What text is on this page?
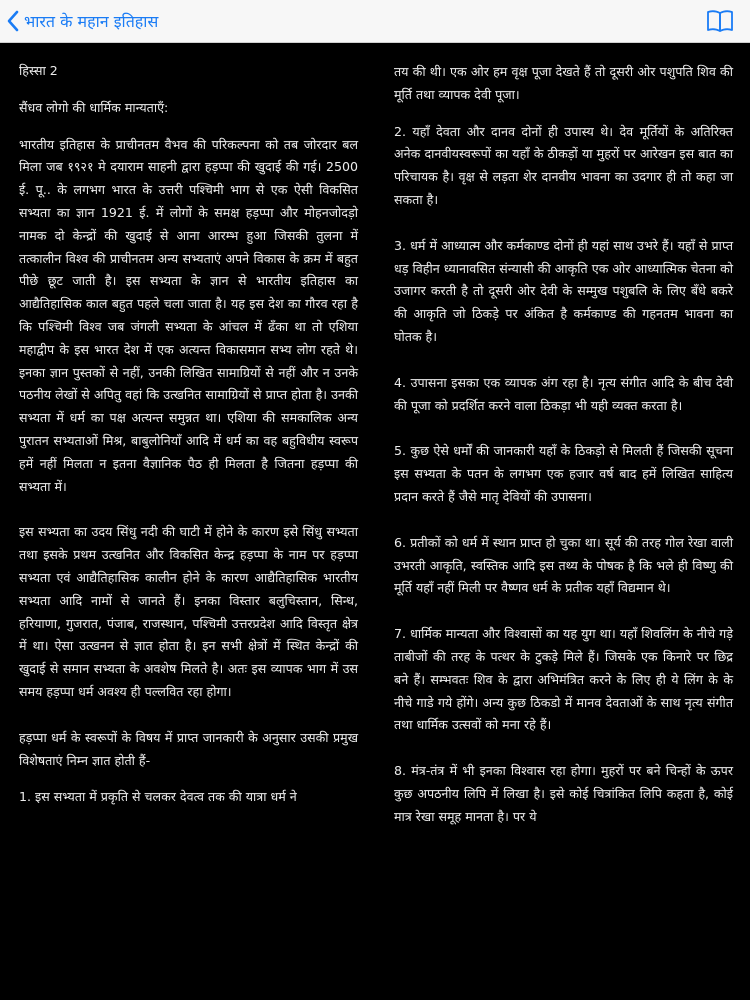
भारत के महान इतिहास

हिस्सा 2

सैंधव लोगो की धार्मिक मान्यताएँ:

भारतीय इतिहास के प्राचीनतम वैभव की परिकल्पना को तब जोरदार बल मिला जब १९२१ मे दयाराम साहनी द्वारा हड़प्पा की खुदाई की गई। 2500 ई. पू.. के लगभग भारत के उत्तरी पश्चिमी भाग से एक ऐसी विकसित सभ्यता का ज्ञान 1921 ई. में लोगों के समक्ष हड़प्पा और मोहनजोदड़ो नामक दो केन्द्रों की खुदाई से आना आरम्भ हुआ जिसकी तुलना में तत्कालीन विश्व की प्राचीनतम अन्य सभ्यताएं अपने विकास के क्रम में बहुत पीछे छूट जाती है। इस सभ्यता के ज्ञान से भारतीय इतिहास का आद्यैतिहासिक काल बहुत पहले चला जाता है। यह इस देश का गौरव रहा है कि पश्चिमी विश्व जब जंगली सभ्यता के आंचल में ढँका था तो एशिया महाद्वीप के इस भारत देश में एक अत्यन्त विकासमान सभ्य लोग रहते थे। इनका ज्ञान पुस्तकों से नहीं, उनकी लिखित सामाग्रियों से नहीं और न उनके पठनीय लेखों से अपितु वहां कि उत्खनित सामाग्रियों से प्राप्त होता है। उनकी सभ्यता में धर्म का पक्ष अत्यन्त समुन्नत था। एशिया की समकालिक अन्य पुरातन सभ्यताओं मिश्र, बाबुलोनियाँ आदि में धर्म का वह बहुविधीय स्वरूप हमें नहीं मिलता न इतना वैज्ञानिक पैठ ही मिलता है जितना हड़प्पा की सभ्यता में।

इस सभ्यता का उदय सिंधु नदी की घाटी में होने के कारण इसे सिंधु सभ्यता तथा इसके प्रथम उत्खनित और विकसित केन्द्र हड़प्पा के नाम पर हड़प्पा सभ्यता एवं आद्यैतिहासिक कालीन होने के कारण आद्यैतिहासिक भारतीय सभ्यता आदि नामों से जानते हैं। इनका विस्तार बलुचिस्तान, सिन्ध, हरियाणा, गुजरात, पंजाब, राजस्थान, पश्चिमी उत्तरप्रदेश आदि विस्तृत क्षेत्र में था। ऐसा उत्खनन से ज्ञात होता है। इन सभी क्षेत्रों में स्थित केन्द्रों की खुदाई से समान सभ्यता के अवशेष मिलते है। अतः इस व्यापक भाग में उस समय हड़प्पा धर्म अवश्य ही पल्लवित रहा होगा।

हड़प्पा धर्म के स्वरूपों के विषय में प्राप्त जानकारी के अनुसार उसकी प्रमुख विशेषताएं निम्न ज्ञात होती हैं-

1. इस सभ्यता में प्रकृति से चलकर देवत्व तक की यात्रा धर्म ने

तय की थी। एक ओर हम वृक्ष पूजा देखते हैं तो दूसरी ओर पशुपति शिव की मूर्ति तथा व्यापक देवी पूजा।

2. यहाँ देवता और दानव दोनों ही उपास्य थे। देव मूर्तियों के अतिरिक्त अनेक दानवीयस्वरूपों का यहाँ के ठीकड़ों या मुहरों पर आरेखन इस बात का परिचायक है। वृक्ष से लड़ता शेर दानवीय भावना का उदगार ही तो कहा जा सकता है।

3. धर्म में आध्यात्म और कर्मकाण्ड दोनों ही यहां साथ उभरे हैं। यहाँ से प्राप्त धड़ विहीन ध्यानावसित संन्यासी की आकृति एक ओर आध्यात्मिक चेतना को उजागर करती है तो दूसरी ओर देवी के सम्मुख पशुबलि के लिए बँधे बकरे की आकृति जो ठिकड़े पर अंकित है कर्मकाण्ड की गहनतम भावना का घोतक है।

4. उपासना इसका एक व्यापक अंग रहा है। नृत्य संगीत आदि के बीच देवी की पूजा को प्रदर्शित करने वाला ठिकड़ा भी यही व्यक्त करता है।

5. कुछ ऐसे धर्मों की जानकारी यहाँ के ठिकड़ो से मिलती हैं जिसकी सूचना इस सभ्यता के पतन के लगभग एक हजार वर्ष बाद हमें लिखित साहित्य प्रदान करते हैं जैसे मातृ देवियों की उपासना।

6. प्रतीकों को धर्म में स्थान प्राप्त हो चुका था। सूर्य की तरह गोल रेखा वाली उभरती आकृति, स्वस्तिक आदि इस तथ्य के पोषक है कि भले ही विष्णु की मूर्ति यहाँ नहीं मिली पर वैष्णव धर्म के प्रतीक यहाँ विद्यमान थे।

7. धार्मिक मान्यता और विश्वासों का यह युग था। यहाँ शिवलिंग के नीचे गड़े ताबीजों की तरह के पत्थर के टुकड़े मिले हैं। जिसके एक किनारे पर छिद्र बने हैं। सम्भवतः शिव के द्वारा अभिमंत्रित करने के लिए ही ये लिंग के के नीचे गाडे गये होंगे। अन्य कुछ ठिकडो में मानव देवताओं के साथ नृत्य संगीत तथा धार्मिक उत्सवों को मना रहे हैं।

8. मंत्र-तंत्र में भी इनका विश्वास रहा होगा। मुहरों पर बने चिन्हों के ऊपर कुछ अपठनीय लिपि में लिखा है। इसे कोई चित्रांकित लिपि कहता है, कोई मात्र रेखा समूह मानता है। पर ये
